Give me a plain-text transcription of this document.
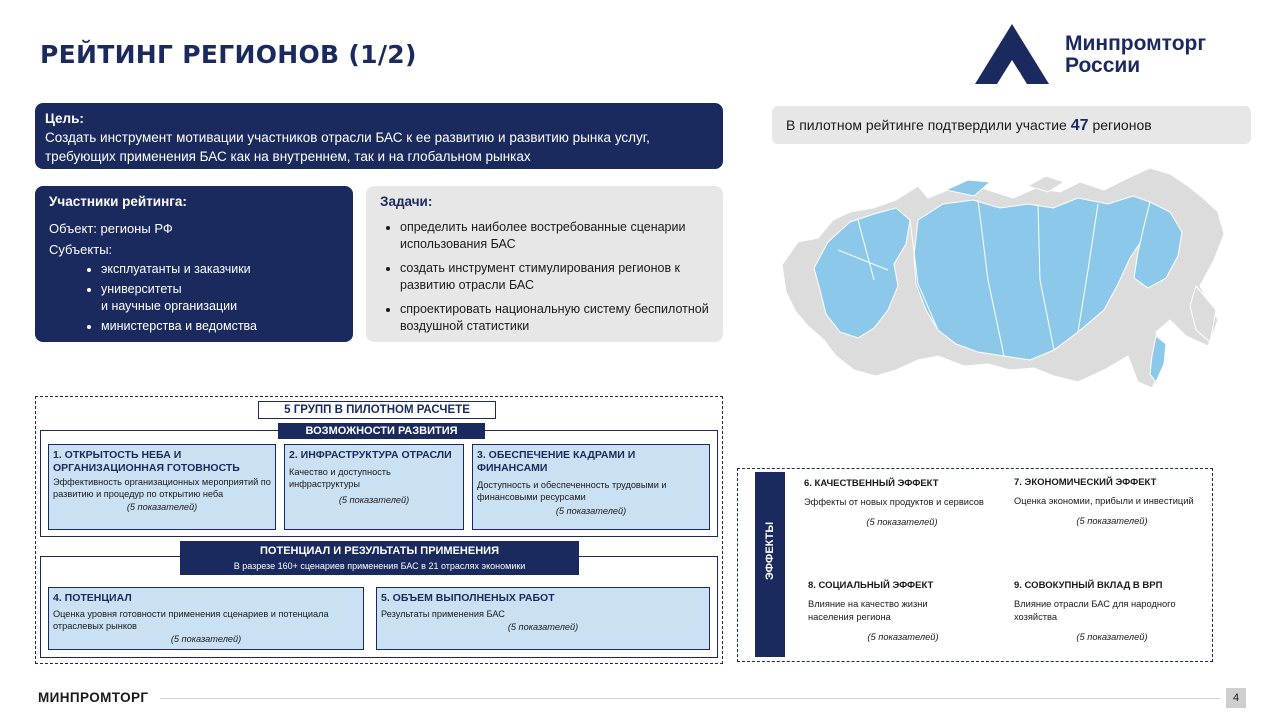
РЕЙТИНГ РЕГИОНОВ (1/2)	Минпромторг
России
Цель:
Создать инструмент мотивации участников отрасли БАС к ее развитию и развитию рынка услуг, требующих применения БАС как на внутреннем, так и на глобальном рынках
Участники рейтинга:
Объект: регионы РФ
Субъекты:
• эксплуатанты и заказчики
• университеты
и научные организации
• министерства и ведомства
Задачи:
• определить наиболее востребованные сценарии использования БАС
• создать инструмент стимулирования регионов к развитию отрасли БАС
• спроектировать национальную систему беспилотной воздушной статистики
В пилотном рейтинге подтвердили участие 47 регионов
5 ГРУПП В ПИЛОТНОМ РАСЧЕТЕ
ВОЗМОЖНОСТИ РАЗВИТИЯ
ПОТЕНЦИАЛ И РЕЗУЛЬТАТЫ ПРИМЕНЕНИЯ
В разрезе 160+ сценариев применения БАС в 21 отраслях экономики
1. ОТКРЫТОСТЬ НЕБА И ОРГАНИЗАЦИОННАЯ ГОТОВНОСТЬ
Эффективность организационных мероприятий по развитию и процедур по открытию неба
(5 показателей)
2. ИНФРАСТРУКТУРА ОТРАСЛИ
Качество и доступность инфраструктуры
(5 показателей)
3. ОБЕСПЕЧЕНИЕ КАДРАМИ И ФИНАНСАМИ
Доступность и обеспеченность трудовыми и финансовыми ресурсами
(5 показателей)
4. ПОТЕНЦИАЛ
Оценка уровня готовности применения сценариев и потенциала отраслевых рынков
(5 показателей)
5. ОБЪЕМ ВЫПОЛНЕНЫХ РАБОТ
Результаты применения БАС
(5 показателей)
ЭФФЕКТЫ
6. КАЧЕСТВЕННЫЙ ЭФФЕКТ
Эффекты от новых продуктов и сервисов
(5 показателей)
7. ЭКОНОМИЧЕСКИЙ ЭФФЕКТ
Оценка экономии, прибыли и инвестиций
(5 показателей)
8. СОЦИАЛЬНЫЙ ЭФФЕКТ
Влияние на качество жизни населения региона
(5 показателей)
9. СОВОКУПНЫЙ ВКЛАД В ВРП
Влияние отрасли БАС для народного хозяйства
(5 показателей)
МИНПРОМТОРГ	4
